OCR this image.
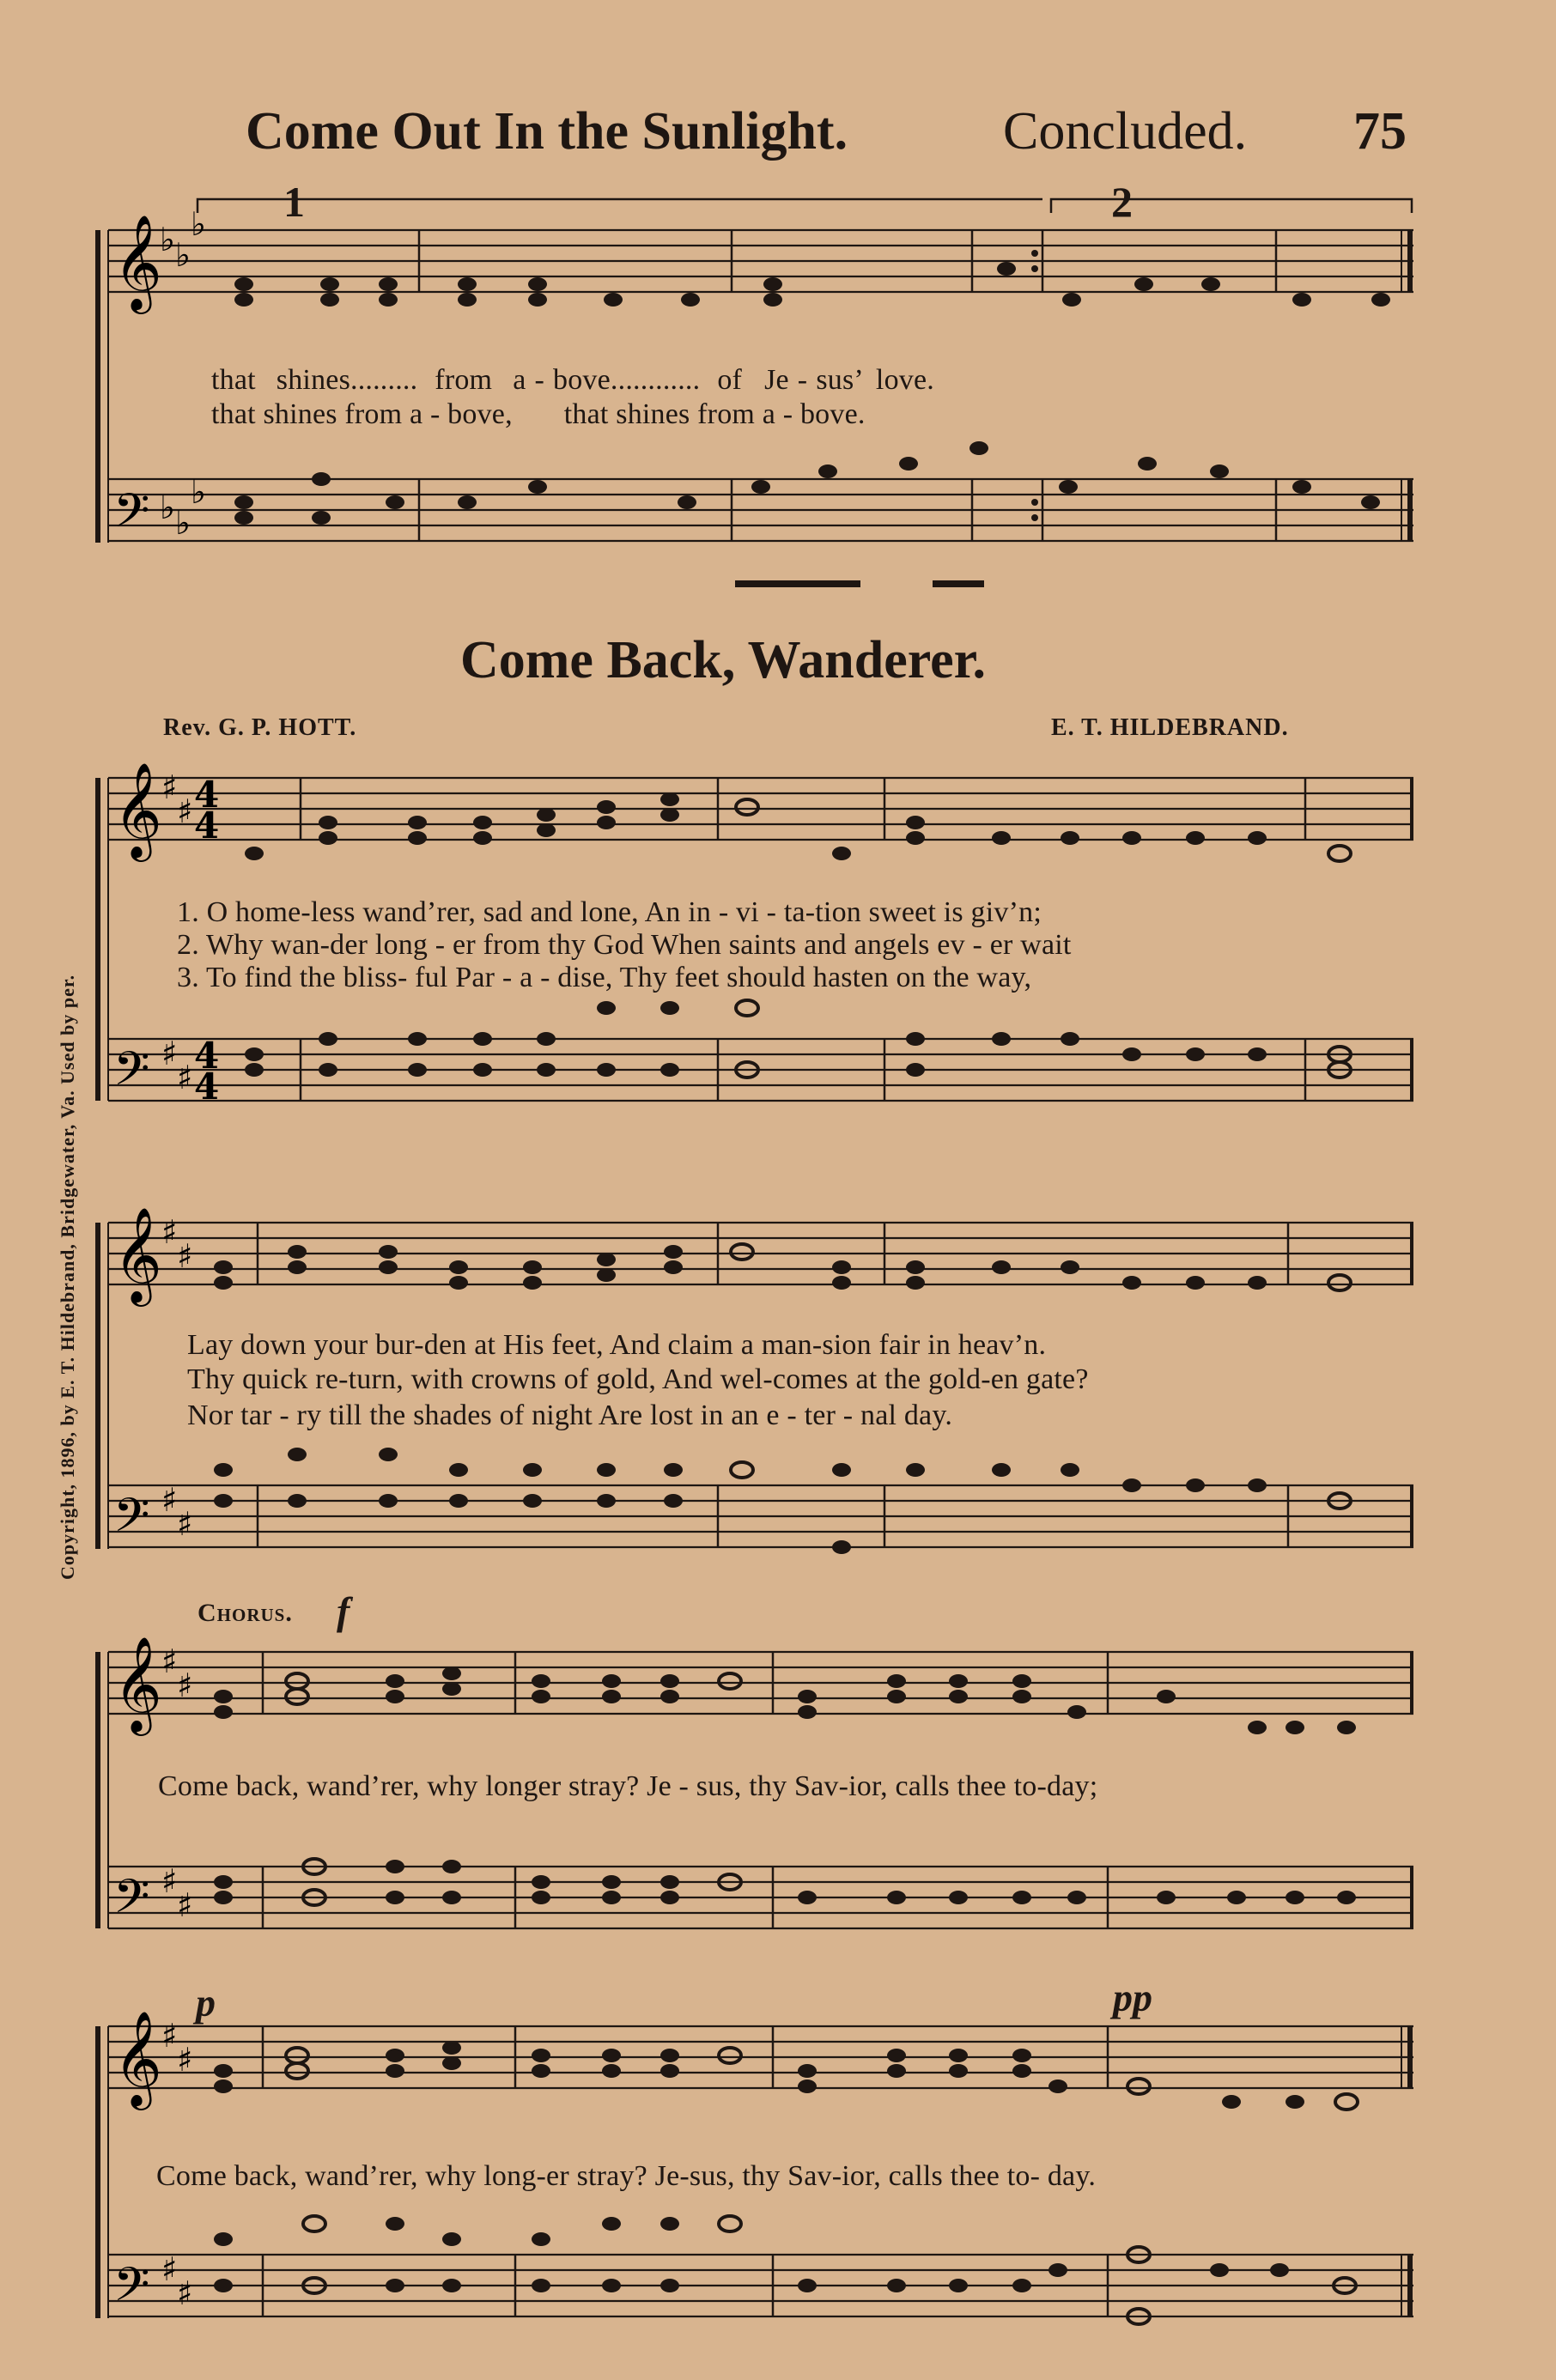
Come Out In the Sunlight.	Concluded. 75
Copyright, 1896, by E. T. Hildebrand, Bridgewater, Va. Used by per.
𝄞
𝄢
♭ ♭
♭
♭ ♭
♭
𝄞
𝄢
♯
♯
♯
♯
4
4
4
4
𝄞
𝄢
♯
♯
♯
♯
𝄞
𝄢
♯
♯
♯
♯
𝄞
𝄢
♯
♯
♯
♯
1	2
that shines......... from a - bove............ of Je - sus’ love.
that shines from a - bove, that shines from a - bove.
Come Back, Wanderer.
Rev. G. P. HOTT.	E. T. HILDEBRAND.
1. O home-less wand’rer, sad and lone, An in - vi - ta-tion sweet is giv’n;
2. Why wan-der long - er from thy God When saints and angels ev - er wait
3. To find the bliss- ful Par - a - dise, Thy feet should hasten on the way,
Lay down your bur-den at His feet, And claim a man-sion fair in heav’n.
Thy quick re-turn, with crowns of gold, And wel-comes at the gold-en gate?
Nor tar - ry till the shades of night Are lost in an e - ter - nal day.
Chorus. f
Come back, wand’rer, why longer stray? Je - sus, thy Sav-ior, calls thee to-day;
p	pp
Come back, wand’rer, why long-er stray? Je-sus, thy Sav-ior, calls thee to- day.
